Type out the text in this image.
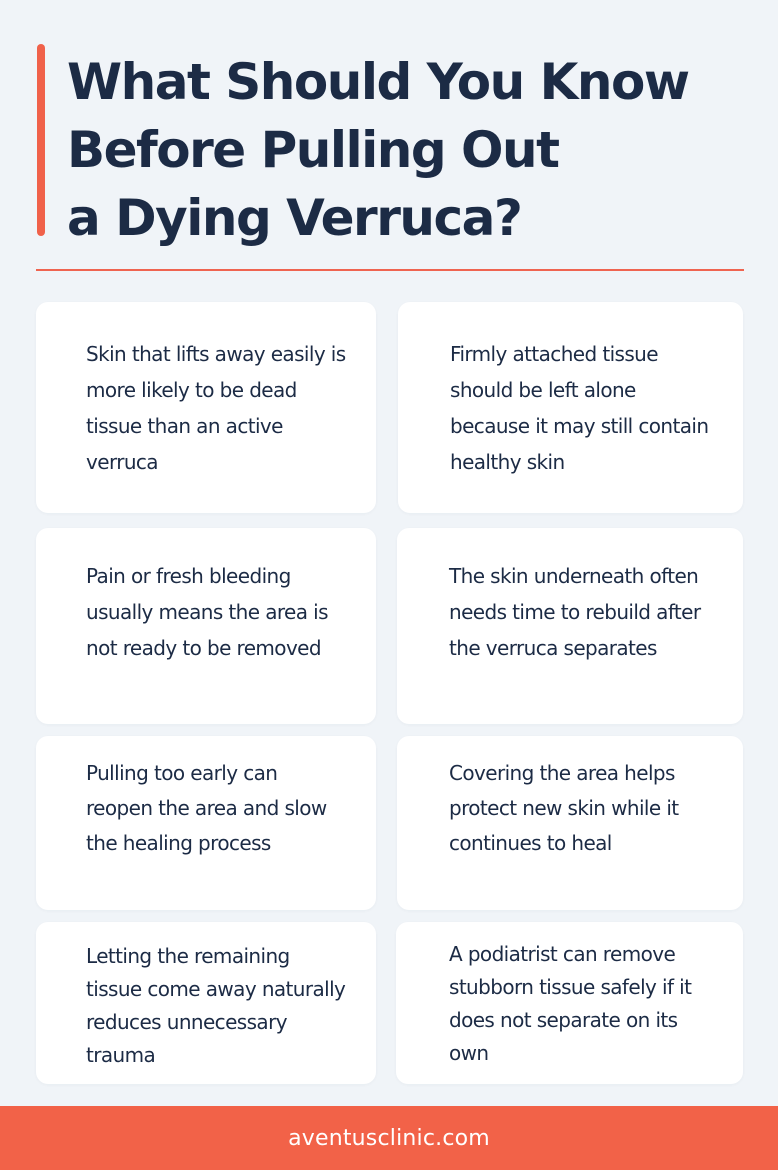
What Should You Know
Before Pulling Out
a Dying Verruca?

Skin that lifts away easily is more likely to be dead tissue than an active verruca

Firmly attached tissue should be left alone because it may still contain healthy skin

Pain or fresh bleeding usually means the area is not ready to be removed

The skin underneath often needs time to rebuild after the verruca separates

Pulling too early can reopen the area and slow the healing process

Covering the area helps protect new skin while it continues to heal

Letting the remaining tissue come away naturally reduces unnecessary trauma

A podiatrist can remove stubborn tissue safely if it does not separate on its own

aventusclinic.com
